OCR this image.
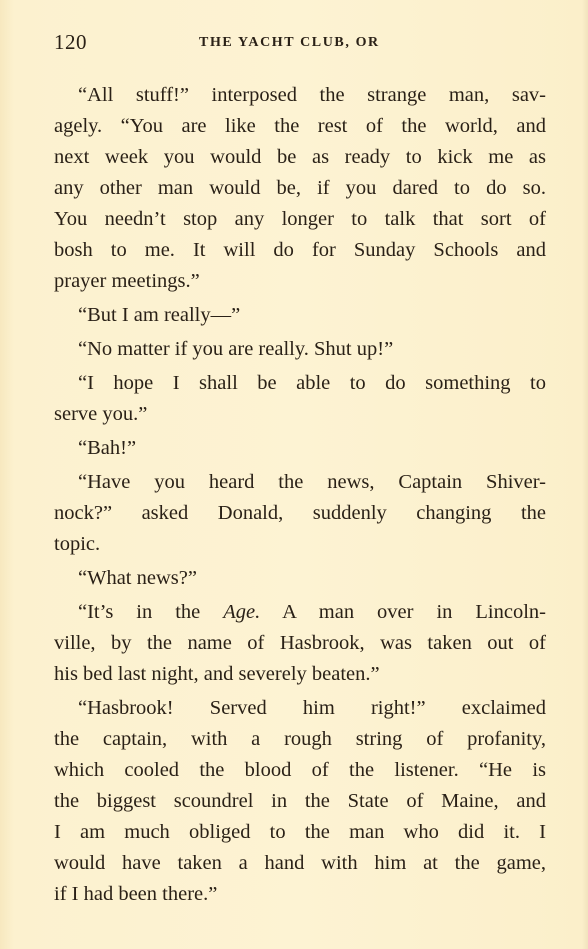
120	THE YACHT CLUB, OR
“All stuff!” interposed the strange man, sav-
agely. “You are like the rest of the world, and
next week you would be as ready to kick me as
any other man would be, if you dared to do so.
You needn’t stop any longer to talk that sort of
bosh to me. It will do for Sunday Schools and
prayer meetings.”
“But I am really—”
“No matter if you are really. Shut up!”
“I hope I shall be able to do something to
serve you.”
“Bah!”
“Have you heard the news, Captain Shiver-
nock?” asked Donald, suddenly changing the
topic.
“What news?”
“It’s in the Age. A man over in Lincoln-
ville, by the name of Hasbrook, was taken out of
his bed last night, and severely beaten.”
“Hasbrook! Served him right!” exclaimed
the captain, with a rough string of profanity,
which cooled the blood of the listener. “He is
the biggest scoundrel in the State of Maine, and
I am much obliged to the man who did it. I
would have taken a hand with him at the game,
if I had been there.”
